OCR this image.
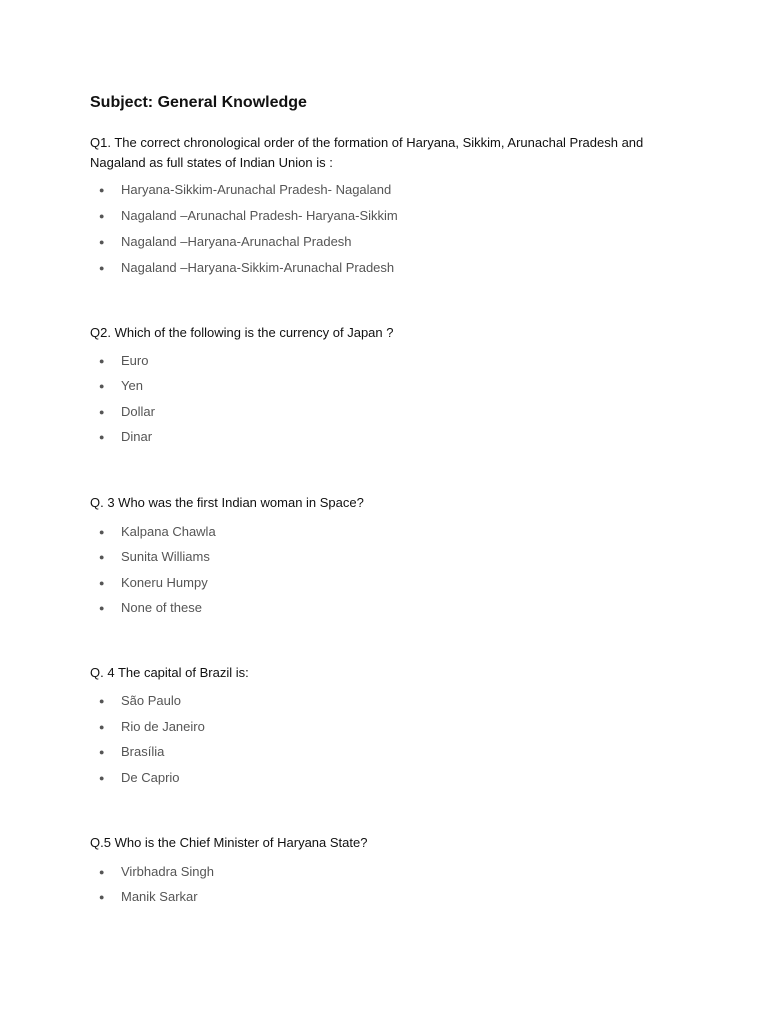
Subject: General Knowledge

Q1. The correct chronological order of the formation of Haryana, Sikkim, Arunachal Pradesh and Nagaland as full states of Indian Union is :

● Haryana-Sikkim-Arunachal Pradesh- Nagaland
● Nagaland –Arunachal Pradesh- Haryana-Sikkim
● Nagaland –Haryana-Arunachal Pradesh
● Nagaland –Haryana-Sikkim-Arunachal Pradesh

Q2. Which of the following is the currency of Japan ?

● Euro
● Yen
● Dollar
● Dinar

Q. 3 Who was the first Indian woman in Space?

● Kalpana Chawla
● Sunita Williams
● Koneru Humpy
● None of these

Q. 4 The capital of Brazil is:

● São Paulo
● Rio de Janeiro
● Brasília
● De Caprio

Q.5 Who is the Chief Minister of Haryana State?

● Virbhadra Singh
● Manik Sarkar
